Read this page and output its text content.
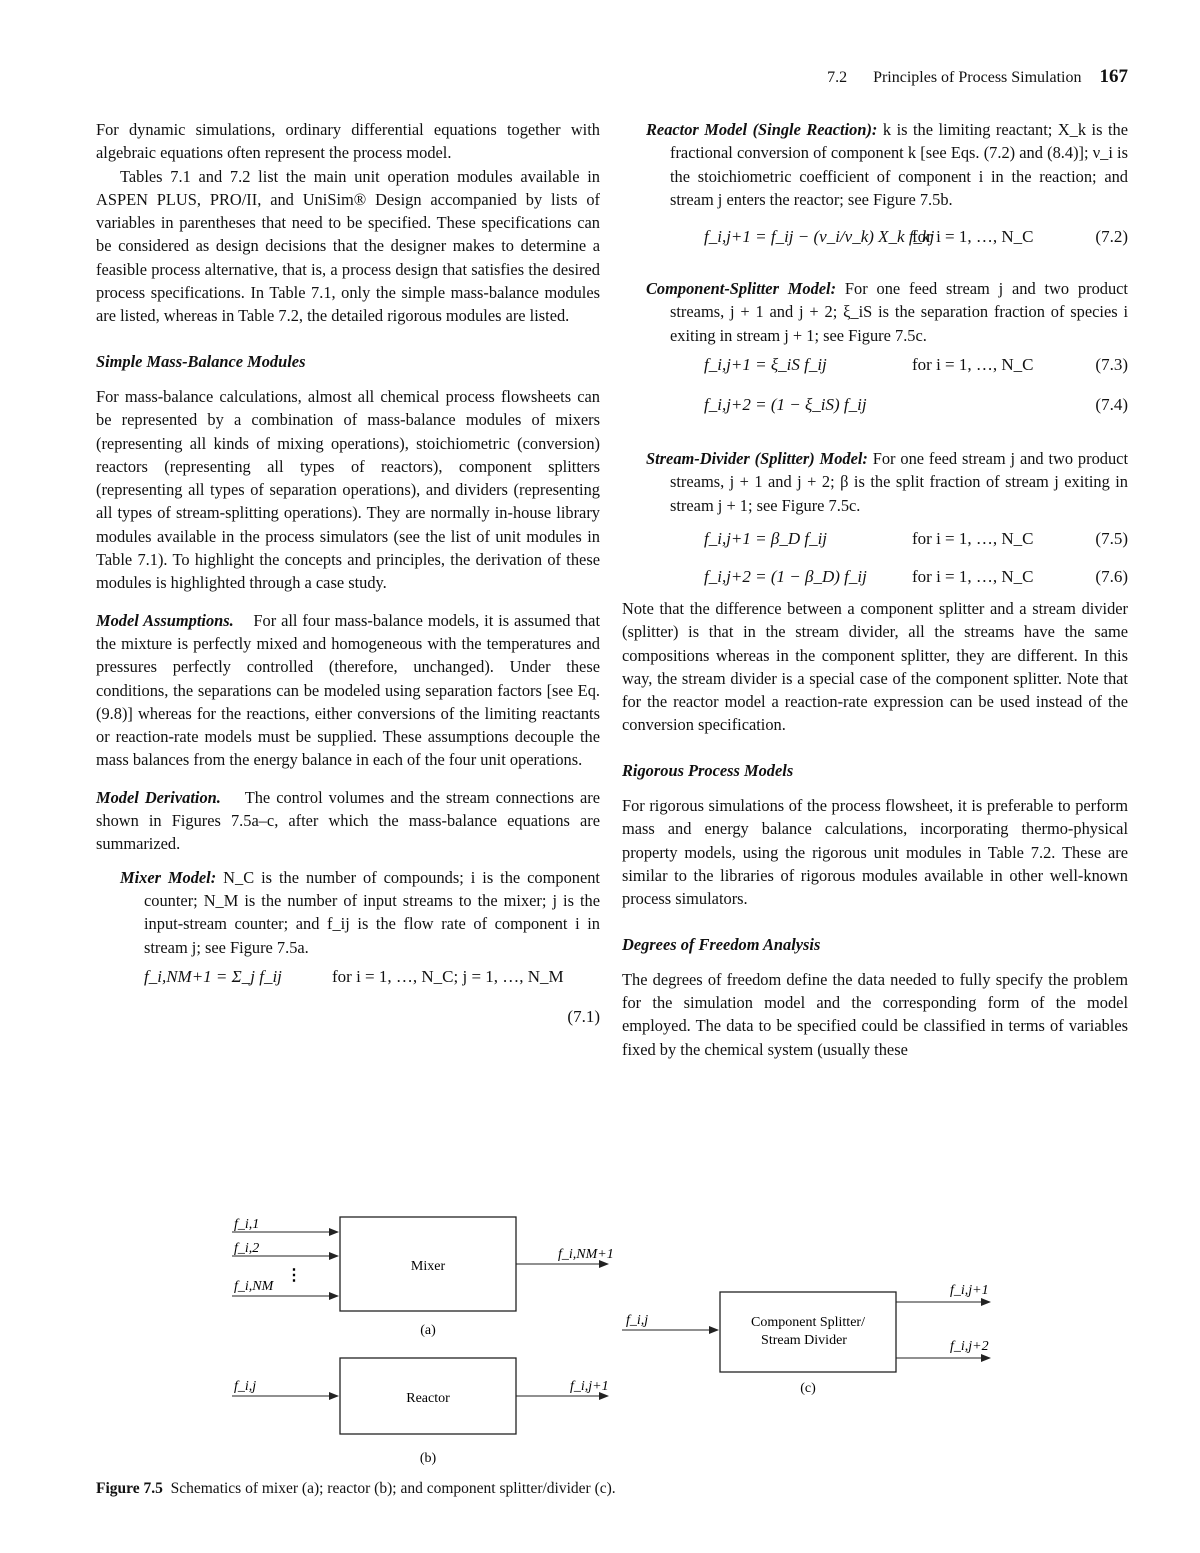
7.2 Principles of Process Simulation 167

For dynamic simulations, ordinary differential equations together with algebraic equations often represent the process model.

Tables 7.1 and 7.2 list the main unit operation modules available in ASPEN PLUS, PRO/II, and UniSim® Design accompanied by lists of variables in parentheses that need to be specified. These specifications can be considered as design decisions that the designer makes to determine a feasible process alternative, that is, a process design that satisfies the desired process specifications. In Table 7.1, only the simple mass-balance modules are listed, whereas in Table 7.2, the detailed rigorous modules are listed.

Simple Mass-Balance Modules

For mass-balance calculations, almost all chemical process flowsheets can be represented by a combination of mass-balance modules of mixers (representing all kinds of mixing operations), stoichiometric (conversion) reactors (representing all types of reactors), component splitters (representing all types of separation operations), and dividers (representing all types of stream-splitting operations). They are normally in-house library modules available in the process simulators (see the list of unit modules in Table 7.1). To highlight the concepts and principles, the derivation of these modules is highlighted through a case study.

Model Assumptions. For all four mass-balance models, it is assumed that the mixture is perfectly mixed and homogeneous with the temperatures and pressures perfectly controlled (therefore, unchanged). Under these conditions, the separations can be modeled using separation factors [see Eq. (9.8)] whereas for the reactions, either conversions of the limiting reactants or reaction-rate models must be supplied. These assumptions decouple the mass balances from the energy balance in each of the four unit operations.

Model Derivation. The control volumes and the stream connections are shown in Figures 7.5a–c, after which the mass-balance equations are summarized.

Mixer Model: N_C is the number of compounds; i is the component counter; N_M is the number of input streams to the mixer; j is the input-stream counter; and f_ij is the flow rate of component i in stream j; see Figure 7.5a.

f_i,NM+1 = Σ_j f_ij	for i = 1, …, N_C; j = 1, …, N_M
(7.1)

Reactor Model (Single Reaction): k is the limiting reactant; X_k is the fractional conversion of component k [see Eqs. (7.2) and (8.4)]; ν_i is the stoichiometric coefficient of component i in the reaction; and stream j enters the reactor; see Figure 7.5b.

f_i,j+1 = f_ij − (ν_i/ν_k) X_k f_kj
for i = 1, …, N_C	(7.2)

Component-Splitter Model: For one feed stream j and two product streams, j + 1 and j + 2; ξ_iS is the separation fraction of species i exiting in stream j + 1; see Figure 7.5c.

f_i,j+1 = ξ_iS f_ij	for i = 1, …, N_C	(7.3)
f_i,j+2 = (1 − ξ_iS) f_ij	(7.4)

Stream-Divider (Splitter) Model: For one feed stream j and two product streams, j + 1 and j + 2; β is the split fraction of stream j exiting in stream j + 1; see Figure 7.5c.

f_i,j+1 = β_D f_ij	for i = 1, …, N_C	(7.5)
f_i,j+2 = (1 − β_D) f_ij	for i = 1, …, N_C	(7.6)

Note that the difference between a component splitter and a stream divider (splitter) is that in the stream divider, all the streams have the same compositions whereas in the component splitter, they are different. In this way, the stream divider is a special case of the component splitter. Note that for the reactor model a reaction-rate expression can be used instead of the conversion specification.

Rigorous Process Models

For rigorous simulations of the process flowsheet, it is preferable to perform mass and energy balance calculations, incorporating thermo-physical property models, using the rigorous unit modules in Table 7.2. These are similar to the libraries of rigorous modules available in other well-known process simulators.

Degrees of Freedom Analysis

The degrees of freedom define the data needed to fully specify the problem for the simulation model and the corresponding form of the model employed. The data to be specified could be classified in terms of variables fixed by the chemical system (usually these

Mixer
f_i,1
f_i,2
f_i,NM
⋮
f_i,NM+1
(a)
Reactor
f_i,j	f_i,j+1
(b)
Component Splitter/
Stream Divider
f_i,j
f_i,j+1
f_i,j+2
(c)
Figure 7.5 Schematics of mixer (a); reactor (b); and component splitter/divider (c).
